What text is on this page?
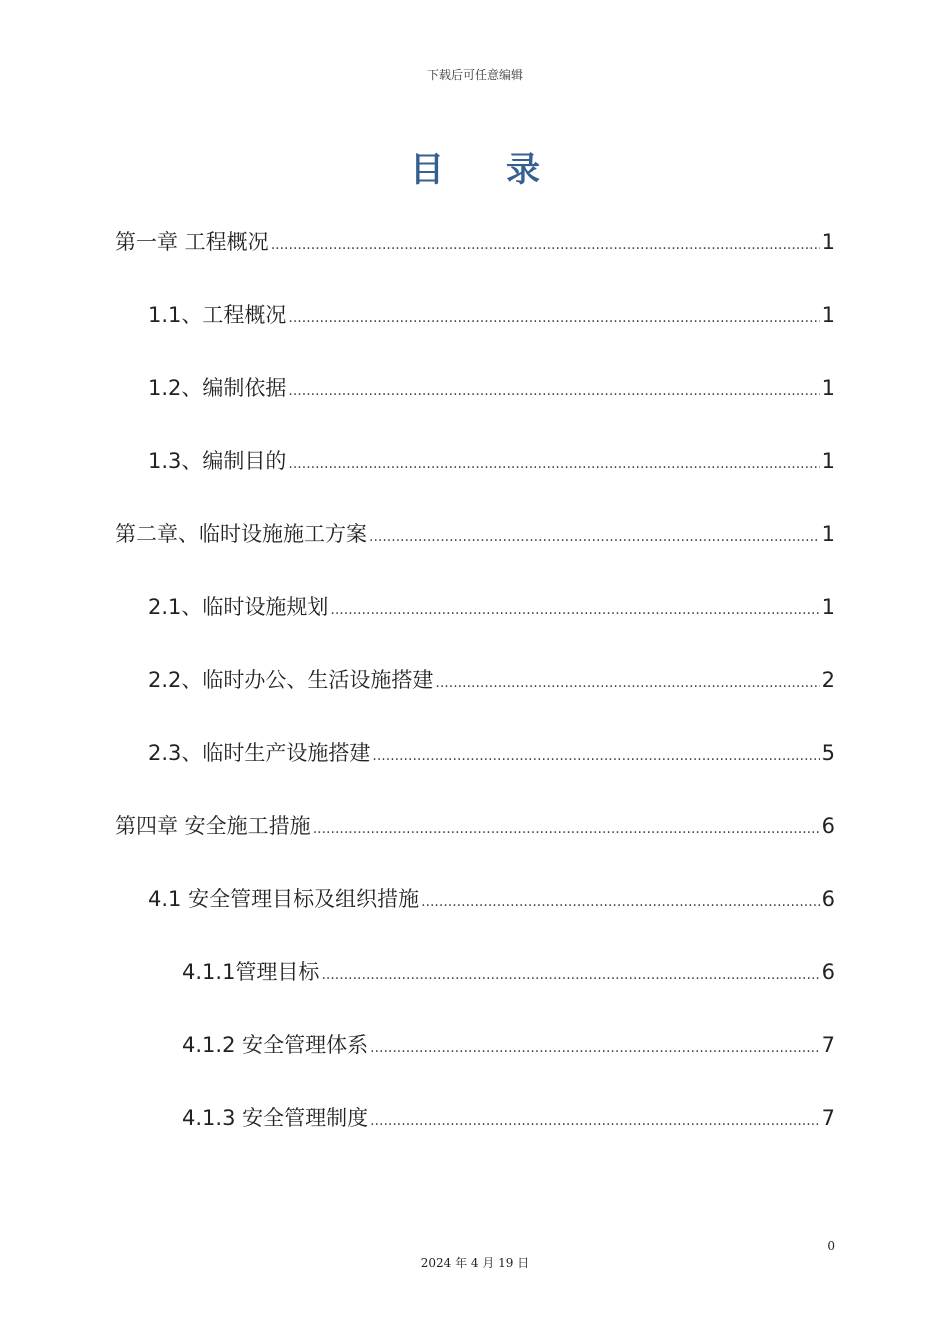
下载后可任意编辑
目录
第一章 工程概况 .....	1
1.1、工程概况 .....	1
1.2、编制依据 .....	1
1.3、编制目的 .....	1
第二章、临时设施施工方案 .....	1
2.1、临时设施规划 .....	1
2.2、临时办公、生活设施搭建 .....	2
2.3、临时生产设施搭建 .....	5
第四章 安全施工措施 .....	6
4.1 安全管理目标及组织措施 .....	6
4.1.1管理目标 .....	6
4.1.2 安全管理体系 .....	7
4.1.3 安全管理制度 .....	7
0
2024 年 4 月 19 日
